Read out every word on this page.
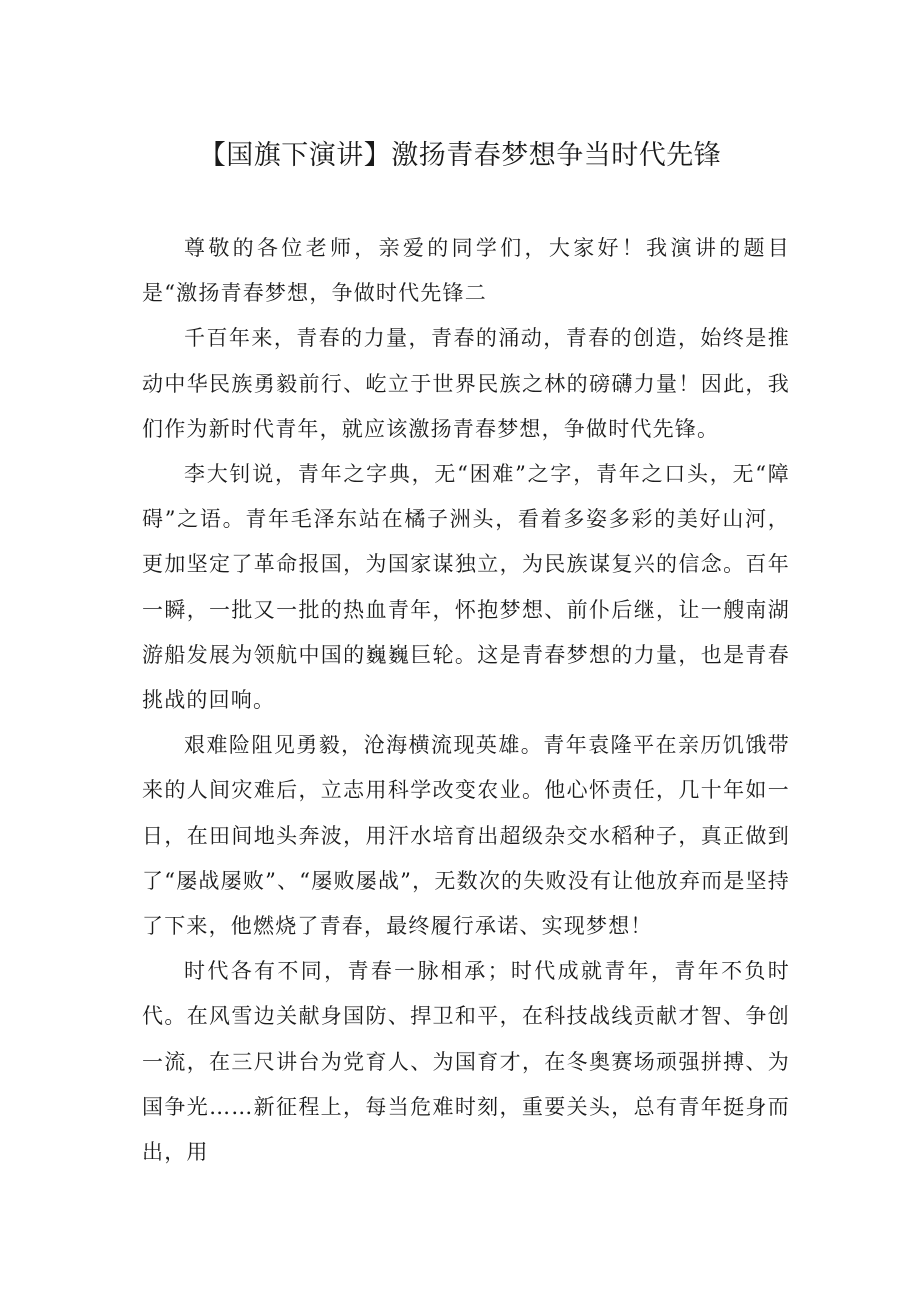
【国旗下演讲】激扬青春梦想争当时代先锋

尊敬的各位老师，亲爱的同学们，大家好！我演讲的题目是“激扬青春梦想，争做时代先锋二

千百年来，青春的力量，青春的涌动，青春的创造，始终是推动中华民族勇毅前行、屹立于世界民族之林的磅礴力量！因此，我们作为新时代青年，就应该激扬青春梦想，争做时代先锋。

李大钊说，青年之字典，无“困难”之字，青年之口头，无“障碍”之语。青年毛泽东站在橘子洲头，看着多姿多彩的美好山河，更加坚定了革命报国，为国家谋独立，为民族谋复兴的信念。百年一瞬，一批又一批的热血青年，怀抱梦想、前仆后继，让一艘南湖游船发展为领航中国的巍巍巨轮。这是青春梦想的力量，也是青春挑战的回响。

艰难险阻见勇毅，沧海横流现英雄。青年袁隆平在亲历饥饿带来的人间灾难后，立志用科学改变农业。他心怀责任，几十年如一日，在田间地头奔波，用汗水培育出超级杂交水稻种子，真正做到了“屡战屡败”、“屡败屡战”，无数次的失败没有让他放弃而是坚持了下来，他燃烧了青春，最终履行承诺、实现梦想！

时代各有不同，青春一脉相承；时代成就青年，青年不负时代。在风雪边关献身国防、捍卫和平，在科技战线贡献才智、争创一流，在三尺讲台为党育人、为国育才，在冬奥赛场顽强拼搏、为国争光……新征程上，每当危难时刻，重要关头，总有青年挺身而出，用
